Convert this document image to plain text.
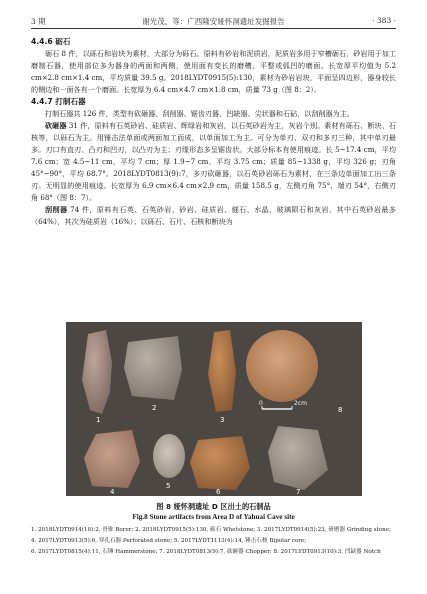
3 期	谢光茂，等：广西隆安娅怀洞遗址发掘报告	· 383 ·
4.4.6 砺石

砺石 8 件，以砾石和岩块为素材，大部分为砾石。原料有砂岩和泥质岩，泥质岩多用于窄槽砺石，砂岩用于加工磨制石器，使用部位多为器身的两面和两侧，使用面有变长的磨槽、平整或弧凹的磨面。长宽厚平均值为 5.2 cm×2.8 cm×1.4 cm，平均质量 39.5 g。2018LYDT0915(5):130，素材为砂岩岩块，平面呈四边形，器身较长的侧边和一面各有一个磨面。长宽厚为 6.4 cm×4.7 cm×1.8 cm，质量 73 g（图 8：2）。

4.4.7 打制石器

打制石器共 126 件，类型有砍砸器、刮削器、锯齿刃器、凹缺器、尖状器和石砧，以刮削器为主。

砍砸器 31 件，原料有石英砂岩、硅质岩、辉绿岩和灰岩，以石英砂岩为主，灰岩个别。素材有砾石、断块、石核等，以砾石为主。用锤击法单面或两面加工而成，以单面加工为主。可分为单刃、双刃和多刃三种，其中单刃最多。刃口有直刃、凸刃和凹刃，以凸刃为主；刃缘形态多呈锯齿状。大部分标本有使用痕迹。长 5~17.4 cm，平均 7.6 cm；宽 4.5~11 cm，平均 7 cm；厚 1.9~7 cm，平均 3.75 cm；质量 85~1338 g，平均 326 g；刃角 45°~90°，平均 68.7°。2018LYDT0813(9):7，多刃砍砸器，以石英砂岩砾石为素材，在三条边单面加工出三条刃。无明显的使用痕迹。长宽厚为 6.9 cm×6.4 cm×2.9 cm，质量 158.5 g，左侧刃角 75°，端刃 54°，右侧刃角 68°（图 8：7）。

刮削器 74 件，原料有石英、石英砂岩、砂岩、硅质岩、燧石、水晶、玻璃陨石和灰岩，其中石英砂岩最多（64%），其次为硅质岩（16%）；以砾石、石片、石核和断块为

0	2cm
1
2
3
4
5
6	7
8
图 8 娅怀洞遗址 D 区出土的石制品
Fig.8 Stone artifacts from Area D of Yahuai Cave site
1. 2018LYDT0914(10):2, 骨锥 Borer; 2. 2018LYDT0915(5):130, 砺石 Whetstone; 3. 2017LYDT0914(5):23, 研磨器 Grinding stone;
4. 2017LYDT0913(5):6, 穿孔石器 Perforated stone; 5. 2017LYDT1113(4):14, 锤击石核 Bipolar core;
6. 2017LYDT0815(4):11, 石锤 Hammerstone; 7. 2018LYDT0813(9):7, 砍砸器 Chopper; 8. 2017LYDT0913(10):3, 凹缺器 Notch
